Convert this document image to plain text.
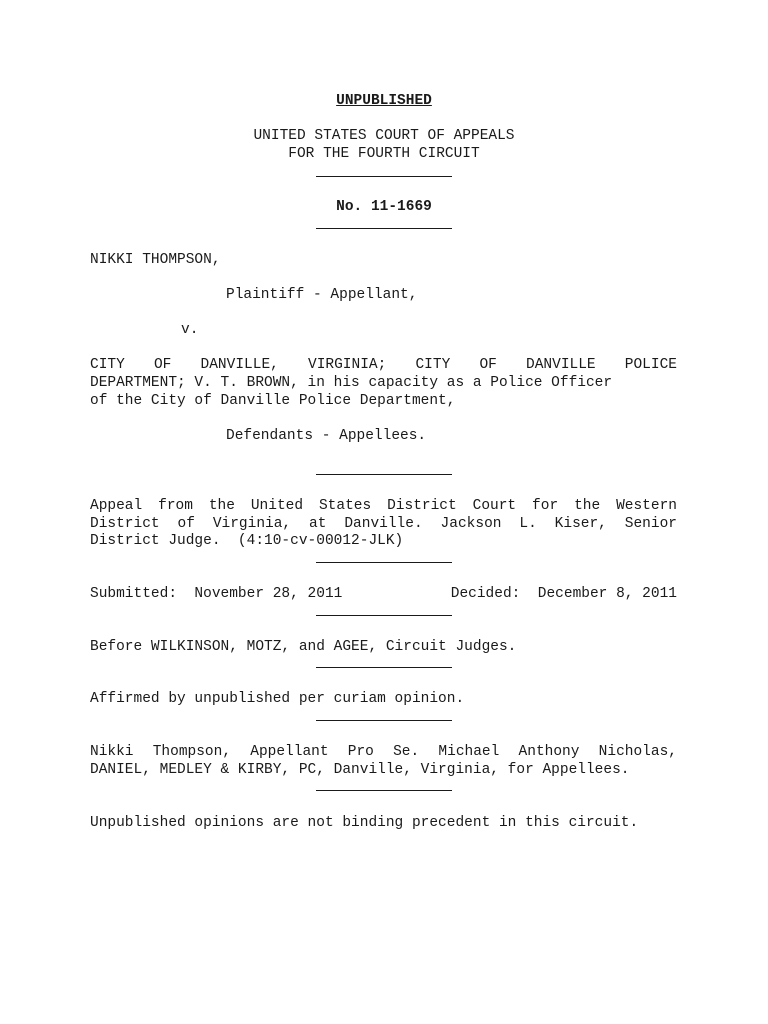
UNPUBLISHED
UNITED STATES COURT OF APPEALS
FOR THE FOURTH CIRCUIT
No. 11-1669
NIKKI THOMPSON,
Plaintiff - Appellant,
v.
CITY OF DANVILLE, VIRGINIA; CITY OF DANVILLE POLICE
DEPARTMENT; V. T. BROWN, in his capacity as a Police Officer
of the City of Danville Police Department,
Defendants - Appellees.
Appeal from the United States District Court for the Western
District of Virginia, at Danville. Jackson L. Kiser, Senior
District Judge.  (4:10-cv-00012-JLK)
Submitted:  November 28, 2011	Decided:  December 8, 2011
Before WILKINSON, MOTZ, and AGEE, Circuit Judges.
Affirmed by unpublished per curiam opinion.
Nikki Thompson, Appellant Pro Se. Michael Anthony Nicholas,
DANIEL, MEDLEY & KIRBY, PC, Danville, Virginia, for Appellees.
Unpublished opinions are not binding precedent in this circuit.
